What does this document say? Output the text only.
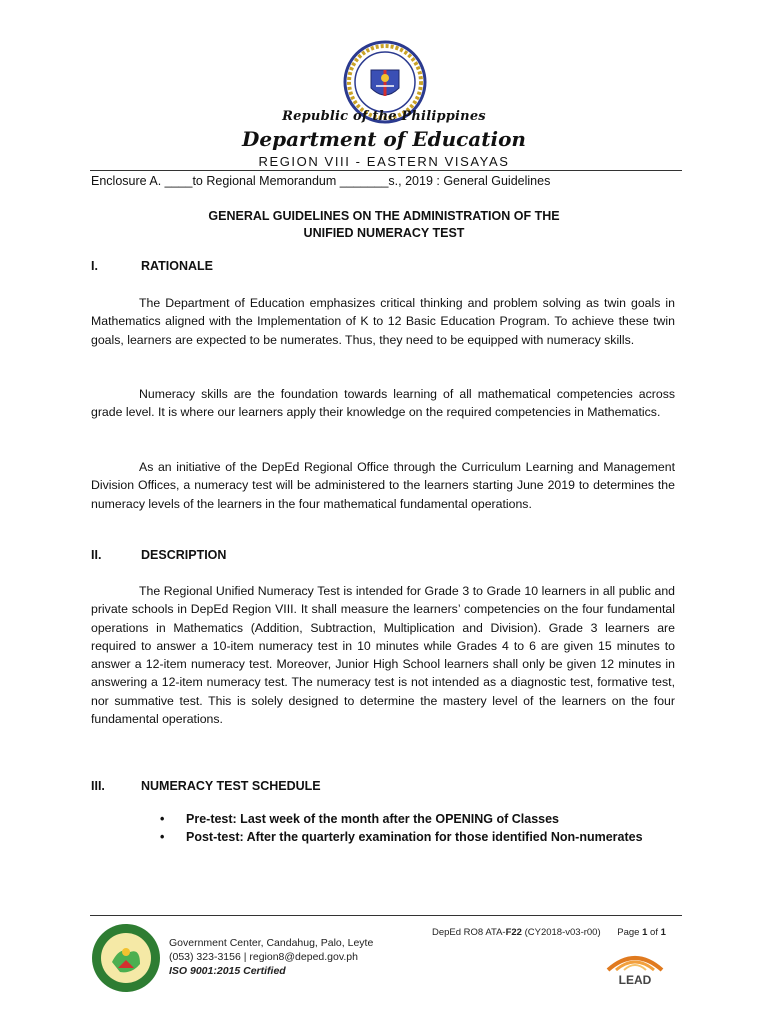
Republic of the Philippines
Department of Education
REGION VIII - EASTERN VISAYAS
Enclosure A. ____to Regional Memorandum _______s., 2019 : General Guidelines
GENERAL GUIDELINES ON THE ADMINISTRATION OF THE
UNIFIED NUMERACY TEST
I.	RATIONALE
The Department of Education emphasizes critical thinking and problem solving as twin goals in Mathematics aligned with the Implementation of K to 12 Basic Education Program. To achieve these twin goals, learners are expected to be numerates. Thus, they need to be equipped with numeracy skills.
Numeracy skills are the foundation towards learning of all mathematical competencies across grade level. It is where our learners apply their knowledge on the required competencies in Mathematics.
As an initiative of the DepEd Regional Office through the Curriculum Learning and Management Division Offices, a numeracy test will be administered to the learners starting June 2019 to determines the numeracy levels of the learners in the four mathematical fundamental operations.
II.	DESCRIPTION
The Regional Unified Numeracy Test is intended for Grade 3 to Grade 10 learners in all public and private schools in DepEd Region VIII. It shall measure the learners’ competencies on the four fundamental operations in Mathematics (Addition, Subtraction, Multiplication and Division). Grade 3 learners are required to answer a 10-item numeracy test in 10 minutes while Grades 4 to 6 are given 15 minutes to answer a 12-item numeracy test. Moreover, Junior High School learners shall only be given 12 minutes in answering a 12-item numeracy test. The numeracy test is not intended as a diagnostic test, formative test, nor summative test. This is solely designed to determine the mastery level of the learners on the four fundamental operations.
III.	NUMERACY TEST SCHEDULE
• Pre-test: Last week of the month after the OPENING of Classes
• Post-test: After the quarterly examination for those identified Non-numerates
Government Center, Candahug, Palo, Leyte
(053) 323-3156 | region8@deped.gov.ph
ISO 9001:2015 Certified
DepEd RO8 ATA-F22 (CY2018-v03-r00) Page 1 of 1
LEAD
